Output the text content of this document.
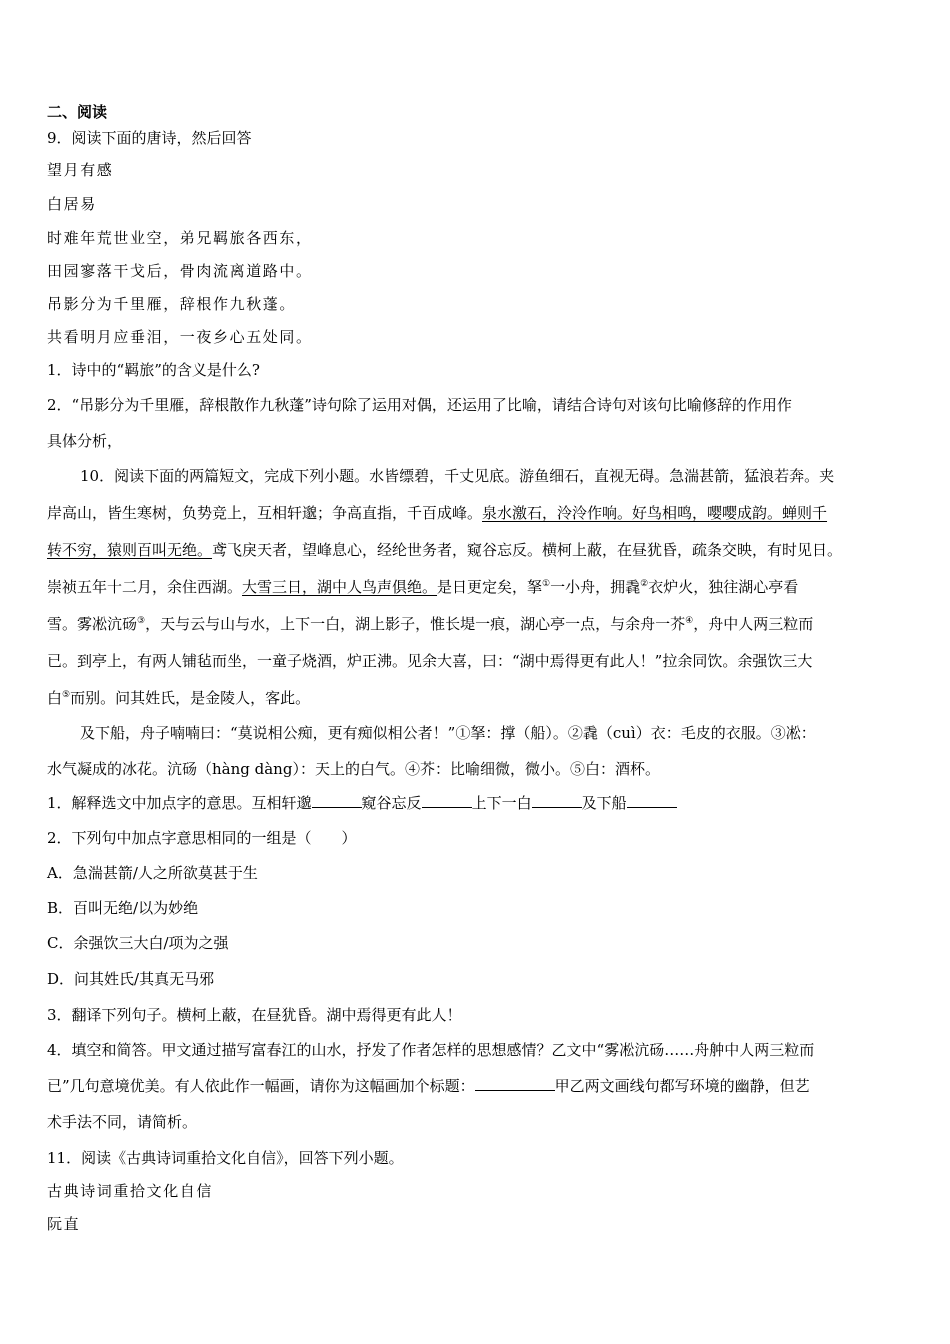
二、阅读
9．阅读下面的唐诗，然后回答
望月有感
白居易
时难年荒世业空，弟兄羁旅各西东，
田园寥落干戈后，骨肉流离道路中。
吊影分为千里雁，辞根作九秋蓬。
共看明月应垂泪，一夜乡心五处同。
1．诗中的“羁旅”的含义是什么?
2．“吊影分为千里雁，辞根散作九秋蓬”诗句除了运用对偶，还运用了比喻，请结合诗句对该句比喻修辞的作用作
具体分析，
10．阅读下面的两篇短文，完成下列小题。水皆缥碧，千丈见底。游鱼细石，直视无碍。急湍甚箭，猛浪若奔。夹
岸高山，皆生寒树，负势竞上，互相轩邈；争高直指，千百成峰。泉水激石，泠泠作响。好鸟相鸣，嘤嘤成韵。蝉则千
转不穷，猿则百叫无绝。鸢飞戾天者，望峰息心，经纶世务者，窥谷忘反。横柯上蔽，在昼犹昏，疏条交映，有时见日。
崇祯五年十二月，余住西湖。大雪三日，湖中人鸟声俱绝。是日更定矣，拏①一小舟，拥毳②衣炉火，独往湖心亭看
雪。雾凇沆砀③，天与云与山与水，上下一白，湖上影子，惟长堤一痕，湖心亭一点，与余舟一芥④，舟中人两三粒而
已。到亭上，有两人铺毡而坐，一童子烧酒，炉正沸。见余大喜，曰：“湖中焉得更有此人！”拉余同饮。余强饮三大
白⑤而别。问其姓氏，是金陵人，客此。
及下船，舟子喃喃曰：“莫说相公痴，更有痴似相公者！”①拏：撑（船）。②毳（cuì）衣：毛皮的衣服。③凇：
水气凝成的冰花。沆砀（hàng dàng）：天上的白气。④芥：比喻细微，微小。⑤白：酒杯。
1．解释选文中加点字的意思。互相轩邈	窥谷忘反	上下一白	及下船
2．下列句中加点字意思相同的一组是（　　）
A．急湍甚箭/人之所欲莫甚于生
B．百叫无绝/以为妙绝
C．余强饮三大白/项为之强
D．问其姓氏/其真无马邪
3．翻译下列句子。横柯上蔽，在昼犹昏。湖中焉得更有此人！
4．填空和简答。甲文通过描写富春江的山水，抒发了作者怎样的思想感情？乙文中“雾凇沆砀……舟舯中人两三粒而
已”几句意境优美。有人依此作一幅画，请你为这幅画加个标题：	甲乙两文画线句都写环境的幽静，但艺
术手法不同，请简析。
11．阅读《古典诗词重拾文化自信》，回答下列小题。
古典诗词重拾文化自信
阮直
